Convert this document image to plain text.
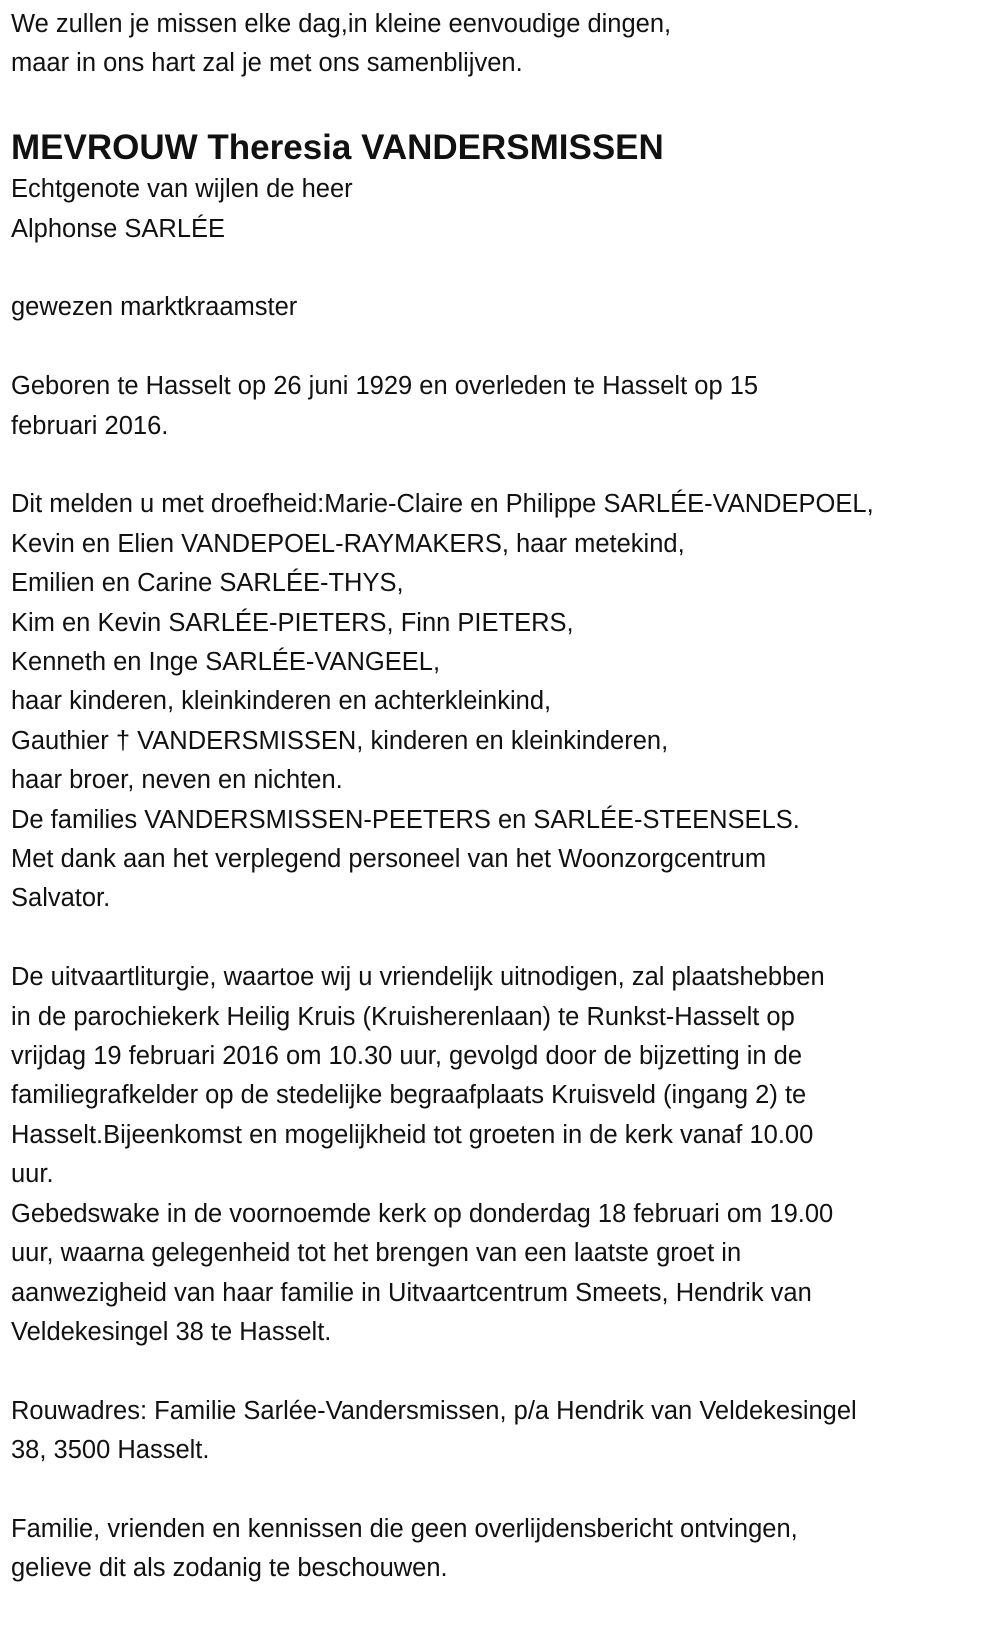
We zullen je missen elke dag,in kleine eenvoudige dingen,
maar in ons hart zal je met ons samenblijven.
MEVROUW Theresia VANDERSMISSEN
Echtgenote van wijlen de heer
Alphonse SARLÉE
gewezen marktkraamster
Geboren te Hasselt op 26 juni 1929 en overleden te Hasselt op 15
februari 2016.
Dit melden u met droefheid:Marie-Claire en Philippe SARLÉE-VANDEPOEL,
Kevin en Elien VANDEPOEL-RAYMAKERS, haar metekind,
Emilien en Carine SARLÉE-THYS,
Kim en Kevin SARLÉE-PIETERS, Finn PIETERS,
Kenneth en Inge SARLÉE-VANGEEL,
haar kinderen, kleinkinderen en achterkleinkind,
Gauthier † VANDERSMISSEN, kinderen en kleinkinderen,
haar broer, neven en nichten.
De families VANDERSMISSEN-PEETERS en SARLÉE-STEENSELS.
Met dank aan het verplegend personeel van het Woonzorgcentrum
Salvator.
De uitvaartliturgie, waartoe wij u vriendelijk uitnodigen, zal plaatshebben
in de parochiekerk Heilig Kruis (Kruisherenlaan) te Runkst-Hasselt op
vrijdag 19 februari 2016 om 10.30 uur, gevolgd door de bijzetting in de
familiegrafkelder op de stedelijke begraafplaats Kruisveld (ingang 2) te
Hasselt.Bijeenkomst en mogelijkheid tot groeten in de kerk vanaf 10.00
uur.
Gebedswake in de voornoemde kerk op donderdag 18 februari om 19.00
uur, waarna gelegenheid tot het brengen van een laatste groet in
aanwezigheid van haar familie in Uitvaartcentrum Smeets, Hendrik van
Veldekesingel 38 te Hasselt.
Rouwadres: Familie Sarlée-Vandersmissen, p/a Hendrik van Veldekesingel
38, 3500 Hasselt.
Familie, vrienden en kennissen die geen overlijdensbericht ontvingen,
gelieve dit als zodanig te beschouwen.
